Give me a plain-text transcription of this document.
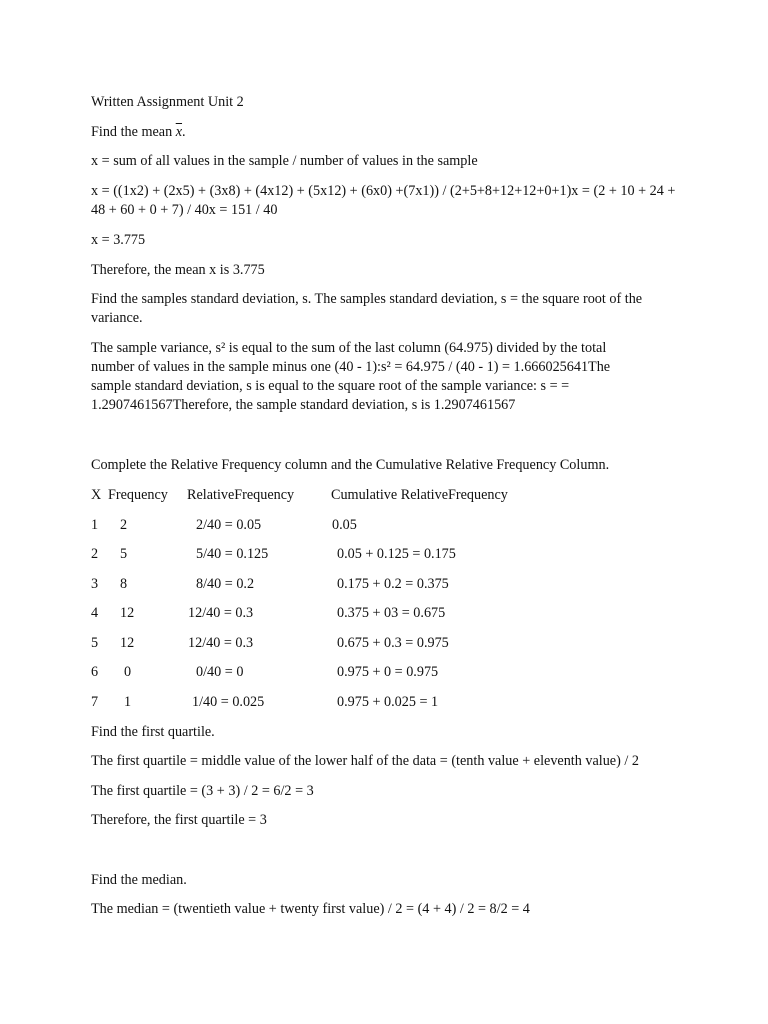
Written Assignment Unit 2
Find the mean $\overline{x}$.
x = sum of all values in the sample / number of values in the sample
x = ((1x2) + (2x5) + (3x8) + (4x12) + (5x12) + (6x0) +(7x1)) / (2+5+8+12+12+0+1)x = (2 + 10 + 24 + 48 + 60 + 0 + 7) / 40x = 151 / 40
x = 3.775
Therefore, the mean x is 3.775
Find the samples standard deviation, s. The samples standard deviation, s = the square root of the variance.
The sample variance, s² is equal to the sum of the last column (64.975) divided by the total number of values in the sample minus one (40 - 1):s² = 64.975 / (40 - 1) = 1.666025641The sample standard deviation, s is equal to the square root of the sample variance: s = = 1.2907461567Therefore, the sample standard deviation, s is 1.2907461567
Complete the Relative Frequency column and the Cumulative Relative Frequency Column.
X Frequency RelativeFrequency	Cumulative RelativeFrequency
1 2	2/40 = 0.05	0.05
2 5	5/40 = 0.125	0.05 + 0.125 = 0.175
3 8	8/40 = 0.2	0.175 + 0.2 = 0.375
4 12	12/40 = 0.3	0.375 + 03 = 0.675
5 12	12/40 = 0.3	0.675 + 0.3 = 0.975
6 0	0/40 = 0	0.975 + 0 = 0.975
7 1	1/40 = 0.025	0.975 + 0.025 = 1
Find the first quartile.
The first quartile = middle value of the lower half of the data = (tenth value + eleventh value) / 2
The first quartile = (3 + 3) / 2 = 6/2 = 3
Therefore, the first quartile = 3
Find the median.
The median = (twentieth value + twenty first value) / 2 = (4 + 4) / 2 = 8/2 = 4
